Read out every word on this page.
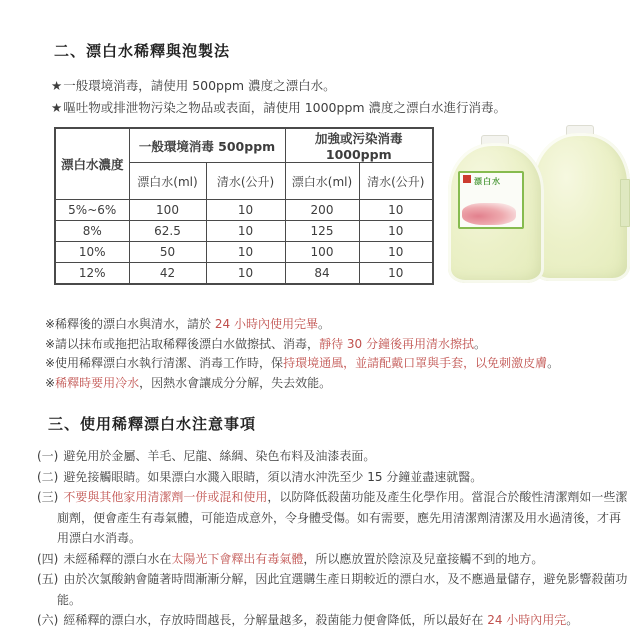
二、漂白水稀釋與泡製法

★一般環境消毒，請使用 500ppm 濃度之漂白水。

★嘔吐物或排泄物污染之物品或表面，請使用 1000ppm 濃度之漂白水進行消毒。

漂白水濃度	一般環境消毒 500ppm		加強或污染消毒 1000ppm	
	漂白水(ml)	清水(公升)	漂白水(ml)	清水(公升)
5%~6%	100	10	200	10
8%	62.5	10	125	10
10%	50	10	100	10
12%	42	10	84	10
漂白水

※稀釋後的漂白水與清水，請於 24 小時內使用完畢。

※請以抹布或拖把沾取稀釋後漂白水做擦拭、消毒，靜待 30 分鐘後再用清水擦拭。

※使用稀釋漂白水執行清潔、消毒工作時，保持環境通風，並請配戴口罩與手套，以免刺激皮膚。

※稀釋時要用冷水，因熱水會讓成分分解，失去效能。

三、使用稀釋漂白水注意事項

(一) 避免用於金屬、羊毛、尼龍、絲綢、染色布料及油漆表面。

(二) 避免接觸眼睛。如果漂白水濺入眼睛，須以清水沖洗至少 15 分鐘並盡速就醫。

(三) 不要與其他家用清潔劑一併或混和使用，以防降低殺菌功能及產生化學作用。當混合於酸性清潔劑如一些潔廁劑，便會產生有毒氣體，可能造成意外，令身體受傷。如有需要，應先用清潔劑清潔及用水過清後，才再用漂白水消毒。

(四) 未經稀釋的漂白水在太陽光下會釋出有毒氣體，所以應放置於陰涼及兒童接觸不到的地方。

(五) 由於次氯酸鈉會隨著時間漸漸分解，因此宜選購生產日期較近的漂白水，及不應過量儲存，避免影響殺菌功能。

(六) 經稀釋的漂白水，存放時間越長，分解量越多，殺菌能力便會降低，所以最好在 24 小時內用完。
